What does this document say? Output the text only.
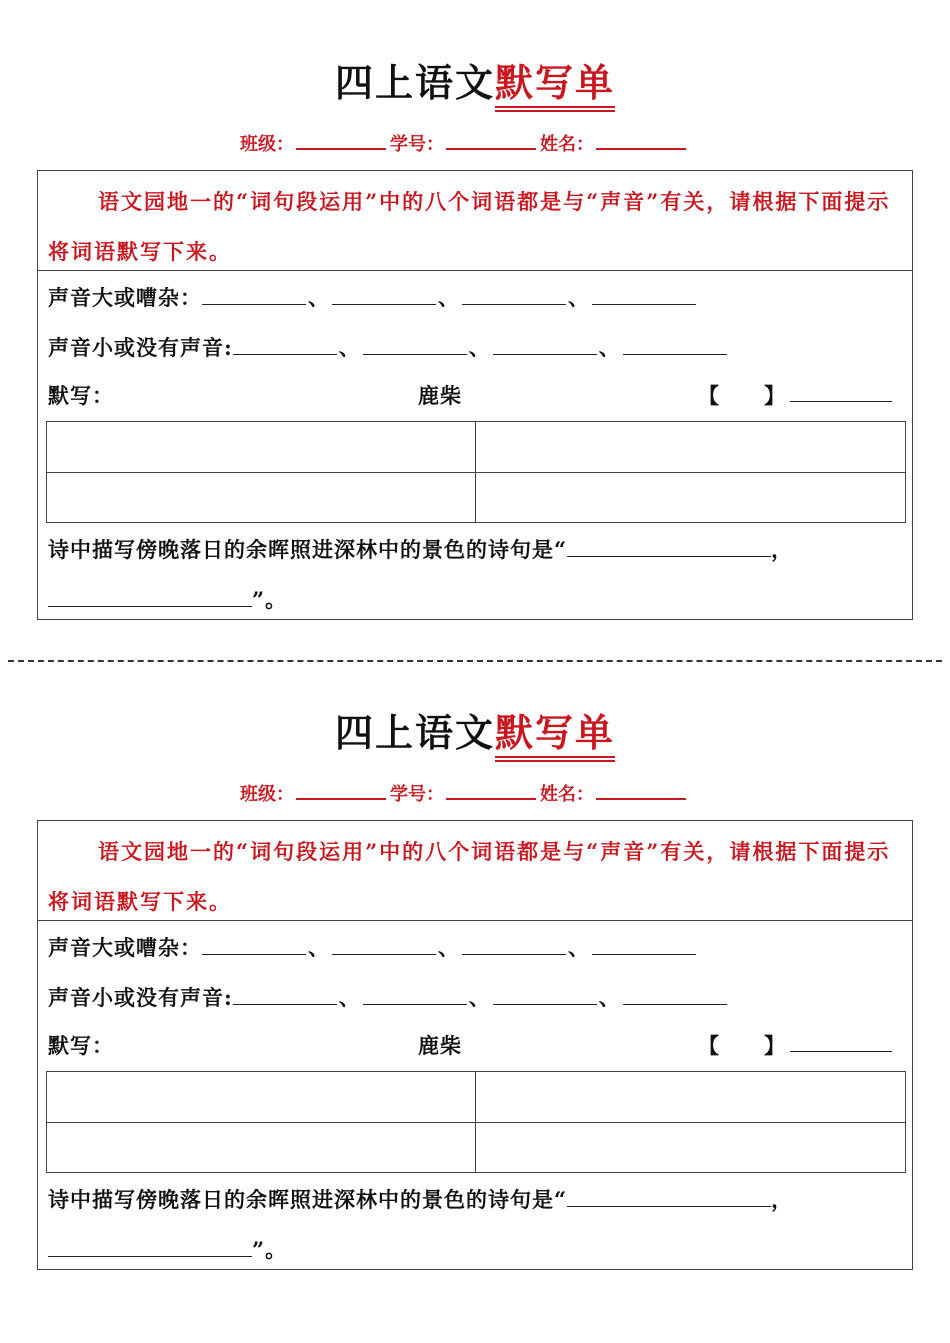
四上语文默写单
班级：	学号：	姓名：
语文园地一的“词句段运用”中的八个词语都是与“声音”有关，请根据下面提示将词语默写下来。
声音大或嘈杂：	、	、	、
声音小或没有声音:	、	、	、
默写：	鹿柴	【　　】
诗中描写傍晚落日的余晖照进深林中的景色的诗句是“	，
”。
四上语文默写单
班级：	学号：	姓名：
语文园地一的“词句段运用”中的八个词语都是与“声音”有关，请根据下面提示将词语默写下来。
声音大或嘈杂：	、	、	、
声音小或没有声音:	、	、	、
默写：	鹿柴	【　　】
诗中描写傍晚落日的余晖照进深林中的景色的诗句是“	，
”。
